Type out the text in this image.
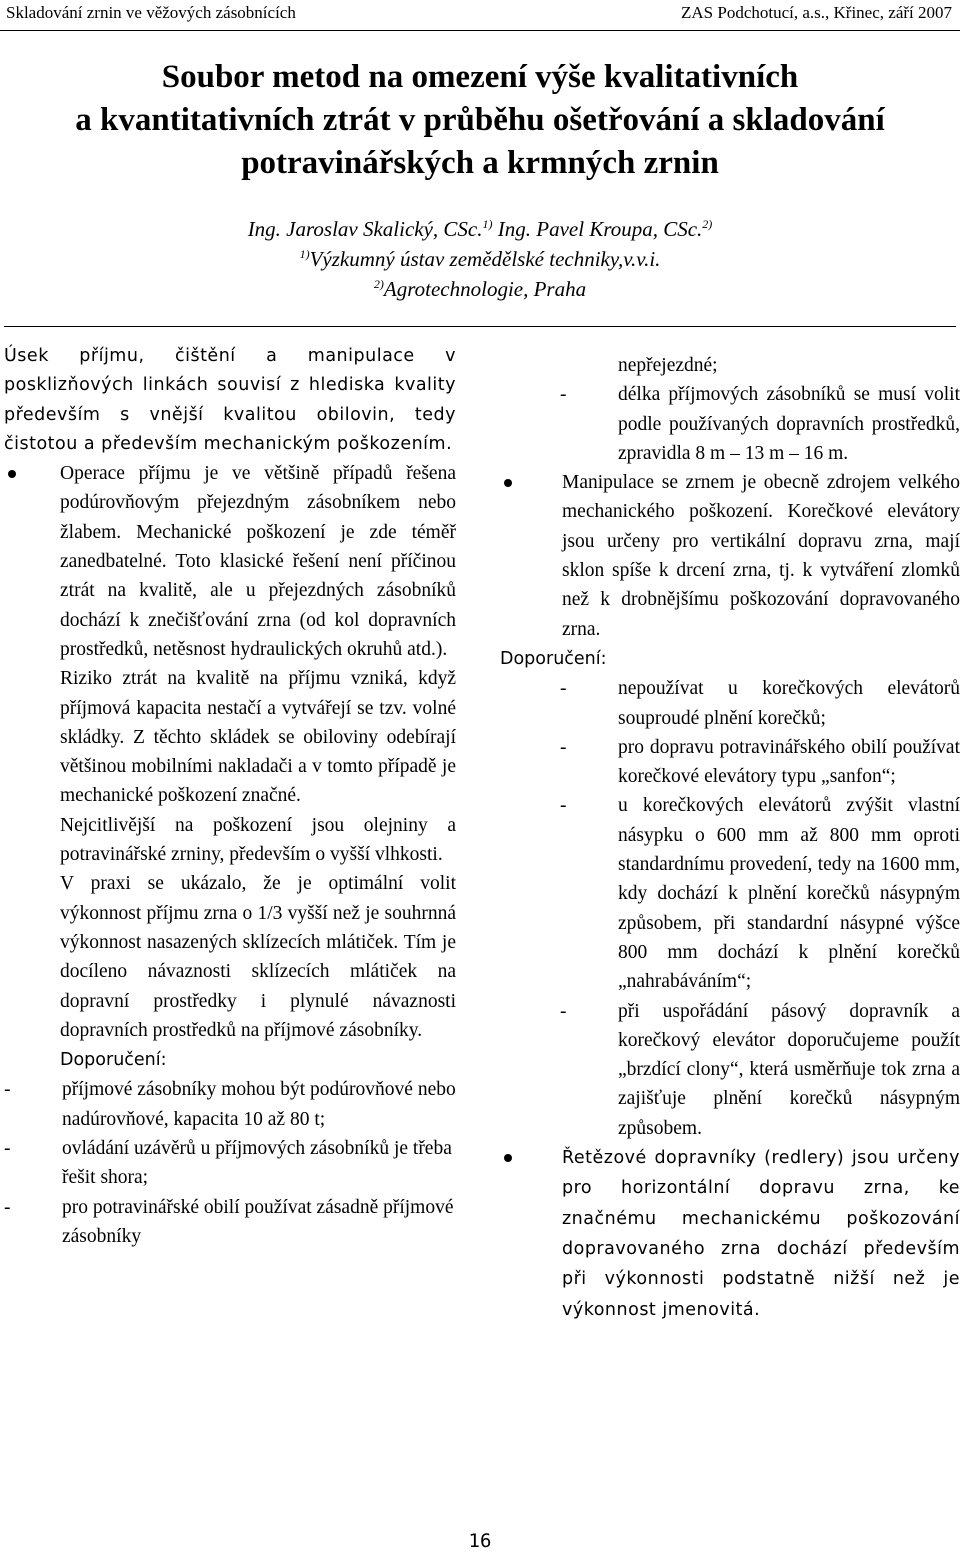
Skladování zrnin ve věžových zásobnících	ZAS Podchotucí, a.s., Křinec, září 2007
Soubor metod na omezení výše kvalitativních
a kvantitativních ztrát v průběhu ošetřování a skladování
potravinářských a krmných zrnin
Ing. Jaroslav Skalický, CSc.$^{1)}$ Ing. Pavel Kroupa, CSc.$^{2)}$
$^{1)}$Výzkumný ústav zemědělské techniky,v.v.i.
$^{2)}$Agrotechnologie, Praha

Úsek příjmu, čištění a manipulace v posklizňových linkách souvisí z hlediska kvality především s vnější kvalitou obilovin, tedy čistotou a především mechanickým poškozením.

Operace příjmu je ve většině případů řešena podúrovňovým přejezdným zásobníkem nebo žlabem. Mechanické poškození je zde téměř zanedbatelné. Toto klasické řešení není příčinou ztrát na kvalitě, ale u přejezdných zásobníků dochází k znečišťování zrna (od kol dopravních prostředků, netěsnost hydraulických okruhů atd.).

Riziko ztrát na kvalitě na příjmu vzniká, když příjmová kapacita nestačí a vytvářejí se tzv. volné skládky. Z těchto skládek se obiloviny odebírají většinou mobilními nakladači a v tomto případě je mechanické poškození značné.

Nejcitlivější na poškození jsou olejniny a potravinářské zrniny, především o vyšší vlhkosti.

V praxi se ukázalo, že je optimální volit výkonnost příjmu zrna o 1/3 vyšší než je souhrnná výkonnost nasazených sklízecích mlátiček. Tím je docíleno návaznosti sklízecích mlátiček na dopravní prostředky i plynulé návaznosti dopravních prostředků na příjmové zásobníky.

Doporučení:

-	příjmové zásobníky mohou být podúrovňové nebo nadúrovňové, kapacita 10 až 80 t;
-	ovládání uzávěrů u příjmových zásobníků je třeba řešit shora;
-	pro potravinářské obilí používat zásadně příjmové zásobníky

nepřejezdné;

-	délka příjmových zásobníků se musí volit podle používaných dopravních prostředků, zpravidla 8 m – 13 m – 16 m.
Manipulace se zrnem je obecně zdrojem velkého mechanického poškození. Korečkové elevátory jsou určeny pro vertikální dopravu zrna, mají sklon spíše k drcení zrna, tj. k vytváření zlomků než k drobnějšímu poškozování dopravovaného zrna.

Doporučení:

-	nepoužívat u korečkových elevátorů souproudé plnění korečků;
-	pro dopravu potravinářského obilí používat korečkové elevátory typu „sanfon“;
-	u korečkových elevátorů zvýšit vlastní násypku o 600 mm až 800 mm oproti standardnímu provedení, tedy na 1600 mm, kdy dochází k plnění korečků násypným způsobem, při standardní násypné výšce 800 mm dochází k plnění korečků „nahrabáváním“;
-	při uspořádání pásový dopravník a korečkový elevátor doporučujeme použít „brzdící clony“, která usměrňuje tok zrna a zajišťuje plnění korečků násypným způsobem.
Řetězové dopravníky (redlery) jsou určeny pro horizontální dopravu zrna, ke značnému mechanickému poškozování dopravovaného zrna dochází především při výkonnosti podstatně nižší než je výkonnost jmenovitá.
16
